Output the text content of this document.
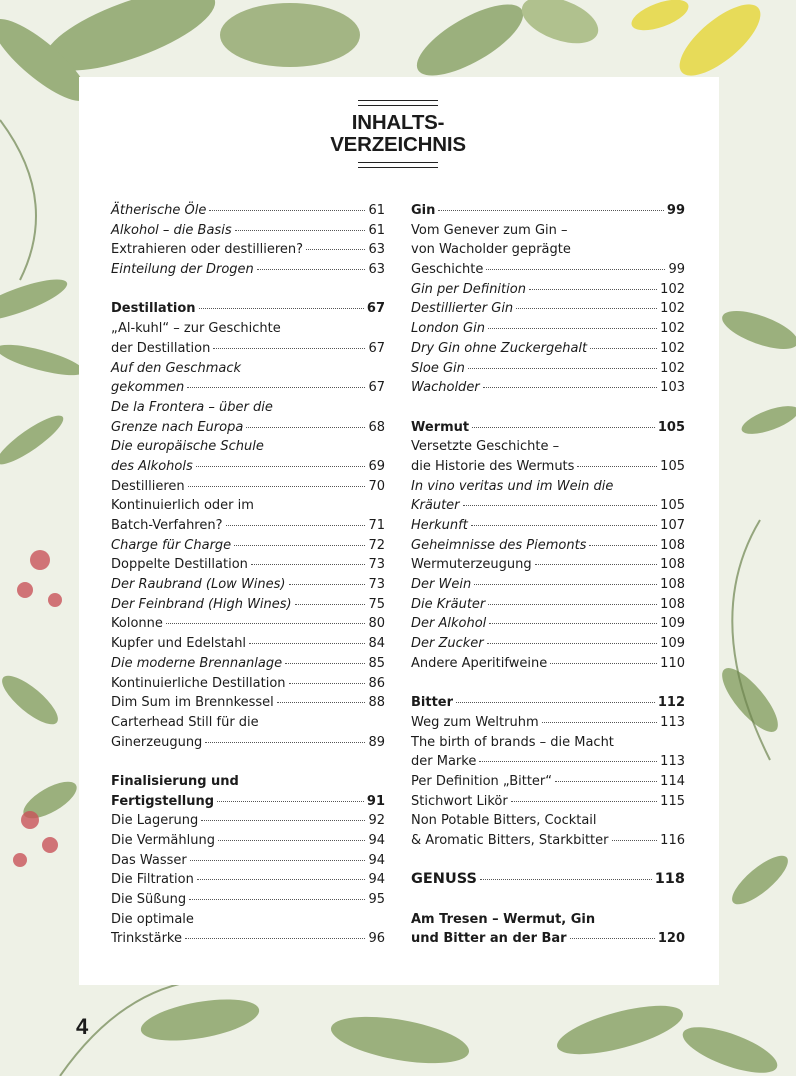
INHALTS-
VERZEICHNIS
Ätherische Öle	61
Alkohol – die Basis	61
Extrahieren oder destillieren?	63
Einteilung der Drogen	63
Destillation	67
„Al-kuhl“ – zur Geschichte
der Destillation	67
Auf den Geschmack
gekommen	67
De la Frontera – über die
Grenze nach Europa	68
Die europäische Schule
des Alkohols	69
Destillieren	70
Kontinuierlich oder im
Batch-Verfahren?	71
Charge für Charge	72
Doppelte Destillation	73
Der Raubrand (Low Wines)	73
Der Feinbrand (High Wines)	75
Kolonne	80
Kupfer und Edelstahl	84
Die moderne Brennanlage	85
Kontinuierliche Destillation	86
Dim Sum im Brennkessel	88
Carterhead Still für die
Ginerzeugung	89
Finalisierung und
Fertigstellung	91
Die Lagerung	92
Die Vermählung	94
Das Wasser	94
Die Filtration	94
Die Süßung	95
Die optimale
Trinkstärke	96
Gin	99
Vom Genever zum Gin –
von Wacholder geprägte
Geschichte	99
Gin per Definition	102
Destillierter Gin	102
London Gin	102
Dry Gin ohne Zuckergehalt	102
Sloe Gin	102
Wacholder	103
Wermut	105
Versetzte Geschichte –
die Historie des Wermuts	105
In vino veritas und im Wein die
Kräuter	105
Herkunft	107
Geheimnisse des Piemonts	108
Wermuterzeugung	108
Der Wein	108
Die Kräuter	108
Der Alkohol	109
Der Zucker	109
Andere Aperitifweine	110
Bitter	112
Weg zum Weltruhm	113
The birth of brands – die Macht
der Marke	113
Per Definition „Bitter“	114
Stichwort Likör	115
Non Potable Bitters, Cocktail
& Aromatic Bitters, Starkbitter	116
GENUSS	118
Am Tresen – Wermut, Gin
und Bitter an der Bar	120
4
